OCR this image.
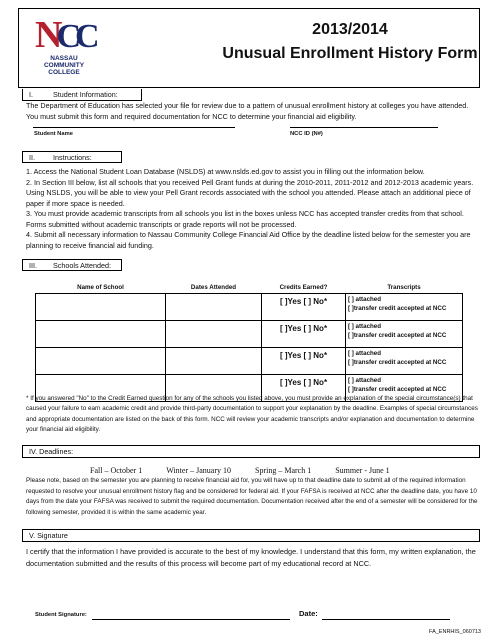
NCC
NASSAU
COMMUNITY
COLLEGE
2013/2014
Unusual Enrollment History Form
I.	Student Information:
The Department of Education has selected your file for review due to a pattern of unusual enrollment history at colleges you have attended. You must submit this form and required documentation for NCC to determine your financial aid eligibility.
Student Name	NCC ID (N#)
II.	Instructions:
1. Access the National Student Loan Database (NSLDS) at www.nslds.ed.gov to assist you in filling out the information below.
2. In Section III below, list all schools that you received Pell Grant funds at during the 2010-2011, 2011-2012 and 2012-2013 academic years. Using NSLDS, you will be able to view your Pell Grant records associated with the school you attended. Please attach an additional piece of paper if more space is needed.
3. You must provide academic transcripts from all schools you list in the boxes unless NCC has accepted transfer credits from that school. Forms submitted without academic transcripts or grade reports will not be processed.
4. Submit all necessary information to Nassau Community College Financial Aid Office by the deadline listed below for the semester you are planning to receive financial aid funding.
III. Schools Attended:
Name of School	Dates Attended	Credits Earned?	Transcripts
		[ ]Yes [ ] No*	[ ] attached
[ ]transfer credit accepted at NCC

		[ ]Yes [ ] No*	[ ] attached
[ ]transfer credit accepted at NCC

		[ ]Yes [ ] No*	[ ] attached
[ ]transfer credit accepted at NCC

		[ ]Yes [ ] No*	[ ] attached
[ ]transfer credit accepted at NCC
* If you answered "No" to the Credit Earned question for any of the schools you listed above, you must provide an explanation of the special circumstance(s) that caused your failure to earn academic credit and provide third-party documentation to support your explanation by the deadline. Examples of special circumstances and appropriate documentation are listed on the back of this form. NCC will review your academic transcripts and/or explanation and documentation to determine your financial aid eligibility.
IV. Deadlines:
Fall – October 1	Winter – January 10	Spring – March 1	Summer - June 1
Please note, based on the semester you are planning to receive financial aid for, you will have up to that deadline date to submit all of the required information requested to resolve your unusual enrollment history flag and be considered for federal aid. If your FAFSA is received at NCC after the deadline date, you have 10 days from the date your FAFSA was received to submit the required documentation. Documentation received after the end of a semester will be considered for the following semester, provided it is within the same academic year.
V. Signature
I certify that the information I have provided is accurate to the best of my knowledge. I understand that this form, my written explanation, the documentation submitted and the results of this process will become part of my educational record at NCC.
Student Signature:	Date:
FA_ENRHIS_060713
